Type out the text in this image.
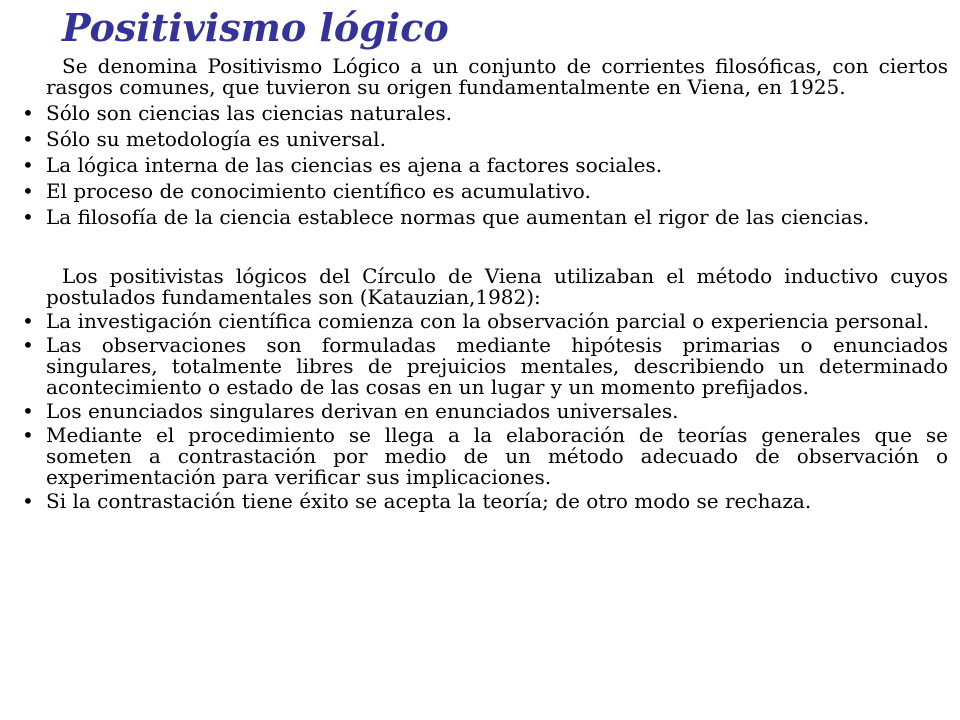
Positivismo lógico

Se denomina Positivismo Lógico a un conjunto de corrientes filosóficas, con ciertos rasgos comunes, que tuvieron su origen fundamentalmente en Viena, en 1925.

• Sólo son ciencias las ciencias naturales.
• Sólo su metodología es universal.
• La lógica interna de las ciencias es ajena a factores sociales.
• El proceso de conocimiento científico es acumulativo.
• La filosofía de la ciencia establece normas que aumentan el rigor de las ciencias.

Los positivistas lógicos del Círculo de Viena utilizaban el método inductivo cuyos postulados fundamentales son (Katauzian,1982):

• La investigación científica comienza con la observación parcial o experiencia personal.
• Las observaciones son formuladas mediante hipótesis primarias o enunciados singulares, totalmente libres de prejuicios mentales, describiendo un determinado acontecimiento o estado de las cosas en un lugar y un momento prefijados.
• Los enunciados singulares derivan en enunciados universales.
• Mediante el procedimiento se llega a la elaboración de teorías generales que se someten a contrastación por medio de un método adecuado de observación o experimentación para verificar sus implicaciones.
• Si la contrastación tiene éxito se acepta la teoría; de otro modo se rechaza.
